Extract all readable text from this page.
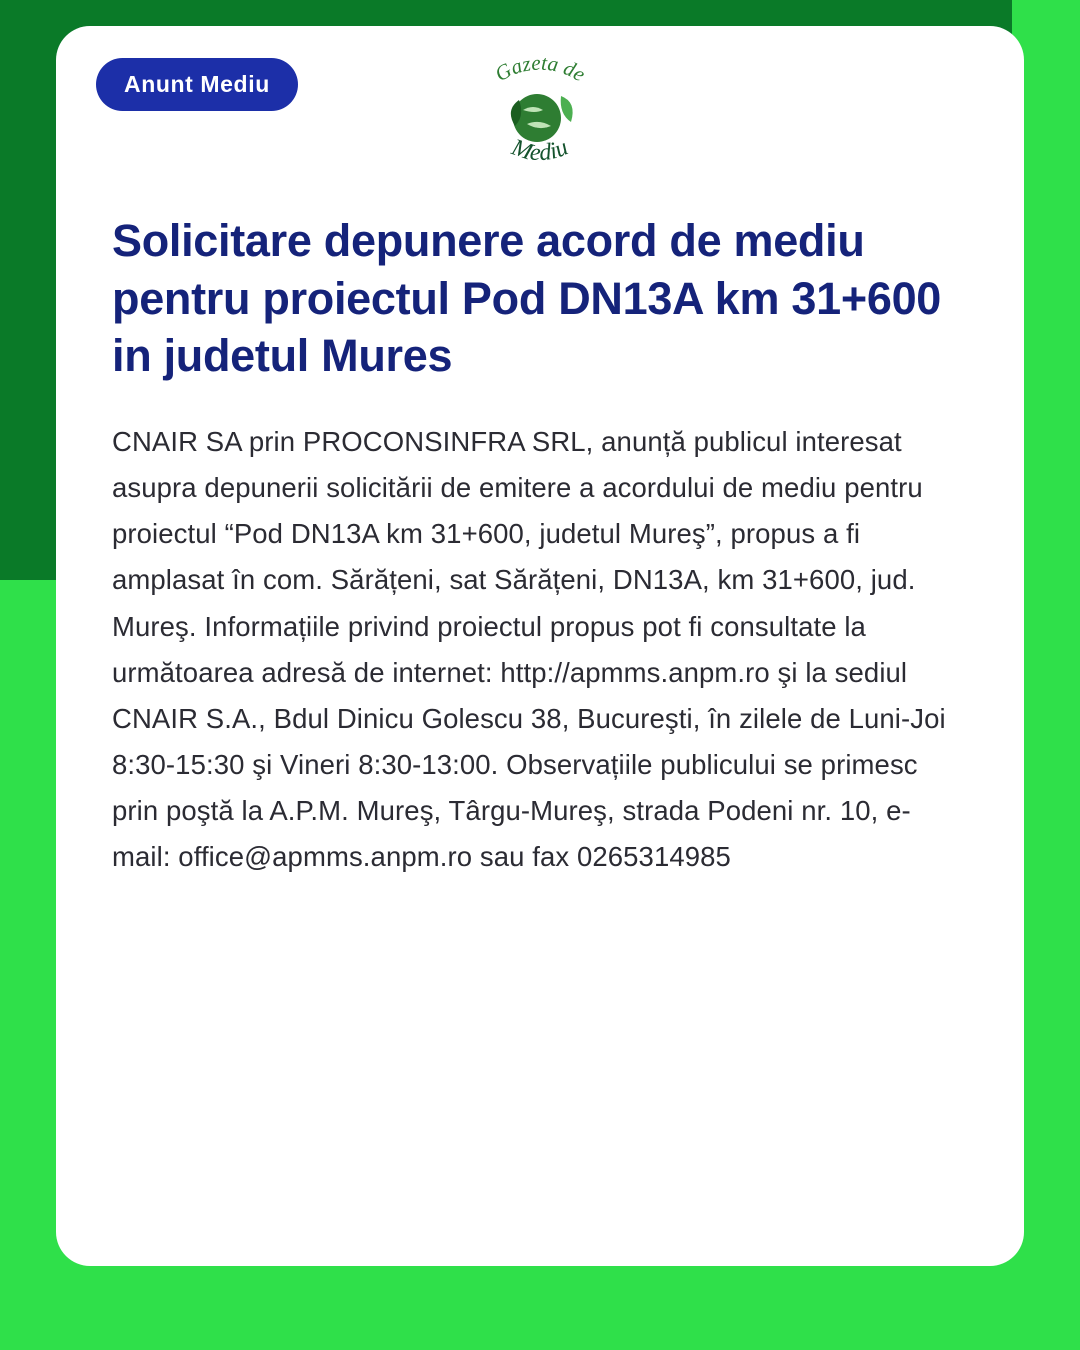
Anunt Mediu	Gazeta de
Mediu
Solicitare depunere acord de mediu pentru proiectul Pod DN13A km 31+600 in judetul Mures

CNAIR SA prin PROCONSINFRA SRL, anunță publicul interesat asupra depunerii solicitării de emitere a acordului de mediu pentru proiectul “Pod DN13A km 31+600, judetul Mureş”, propus a fi amplasat în com. Sărățeni, sat Sărățeni, DN13A, km 31+600, jud. Mureş. Informațiile privind proiectul propus pot fi consultate la următoarea adresă de internet: http://apmms.anpm.ro şi la sediul CNAIR S.A., Bdul Dinicu Golescu 38, Bucureşti, în zilele de Luni-Joi 8:30-15:30 şi Vineri 8:30-13:00. Observațiile publicului se primesc prin poştă la A.P.M. Mureş, Târgu-Mureş, strada Podeni nr. 10, e-mail: office@apmms.anpm.ro sau fax 0265314985
